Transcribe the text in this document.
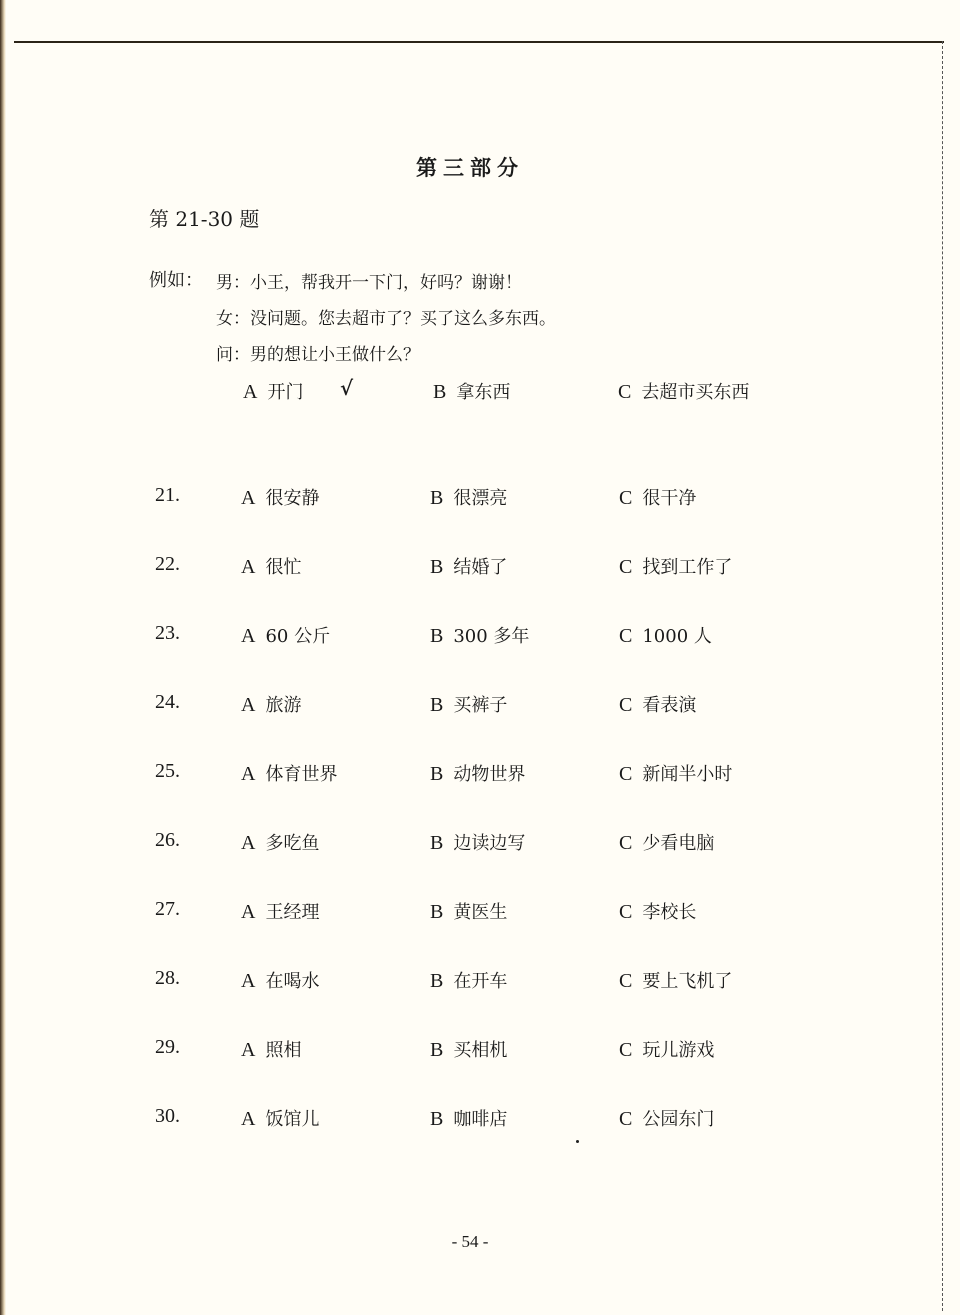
第三部分
第 21-30 题
例如： 男：小王，帮我开一下门，好吗？谢谢！
女：没问题。您去超市了？买了这么多东西。
问：男的想让小王做什么？
A 开门 √	B 拿东西	C 去超市买东西
21.	A 很安静	B 很漂亮	C 很干净
22.	A 很忙	B 结婚了	C 找到工作了
23.	A 60 公斤	B 300 多年	C 1000 人
24.	A 旅游	B 买裤子	C 看表演
25.	A 体育世界	B 动物世界	C 新闻半小时
26.	A 多吃鱼	B 边读边写	C 少看电脑
27.	A 王经理	B 黄医生	C 李校长
28.	A 在喝水	B 在开车	C 要上飞机了
29.	A 照相	B 买相机	C 玩儿游戏
30.	A 饭馆儿	B 咖啡店	C 公园东门
- 54 -
